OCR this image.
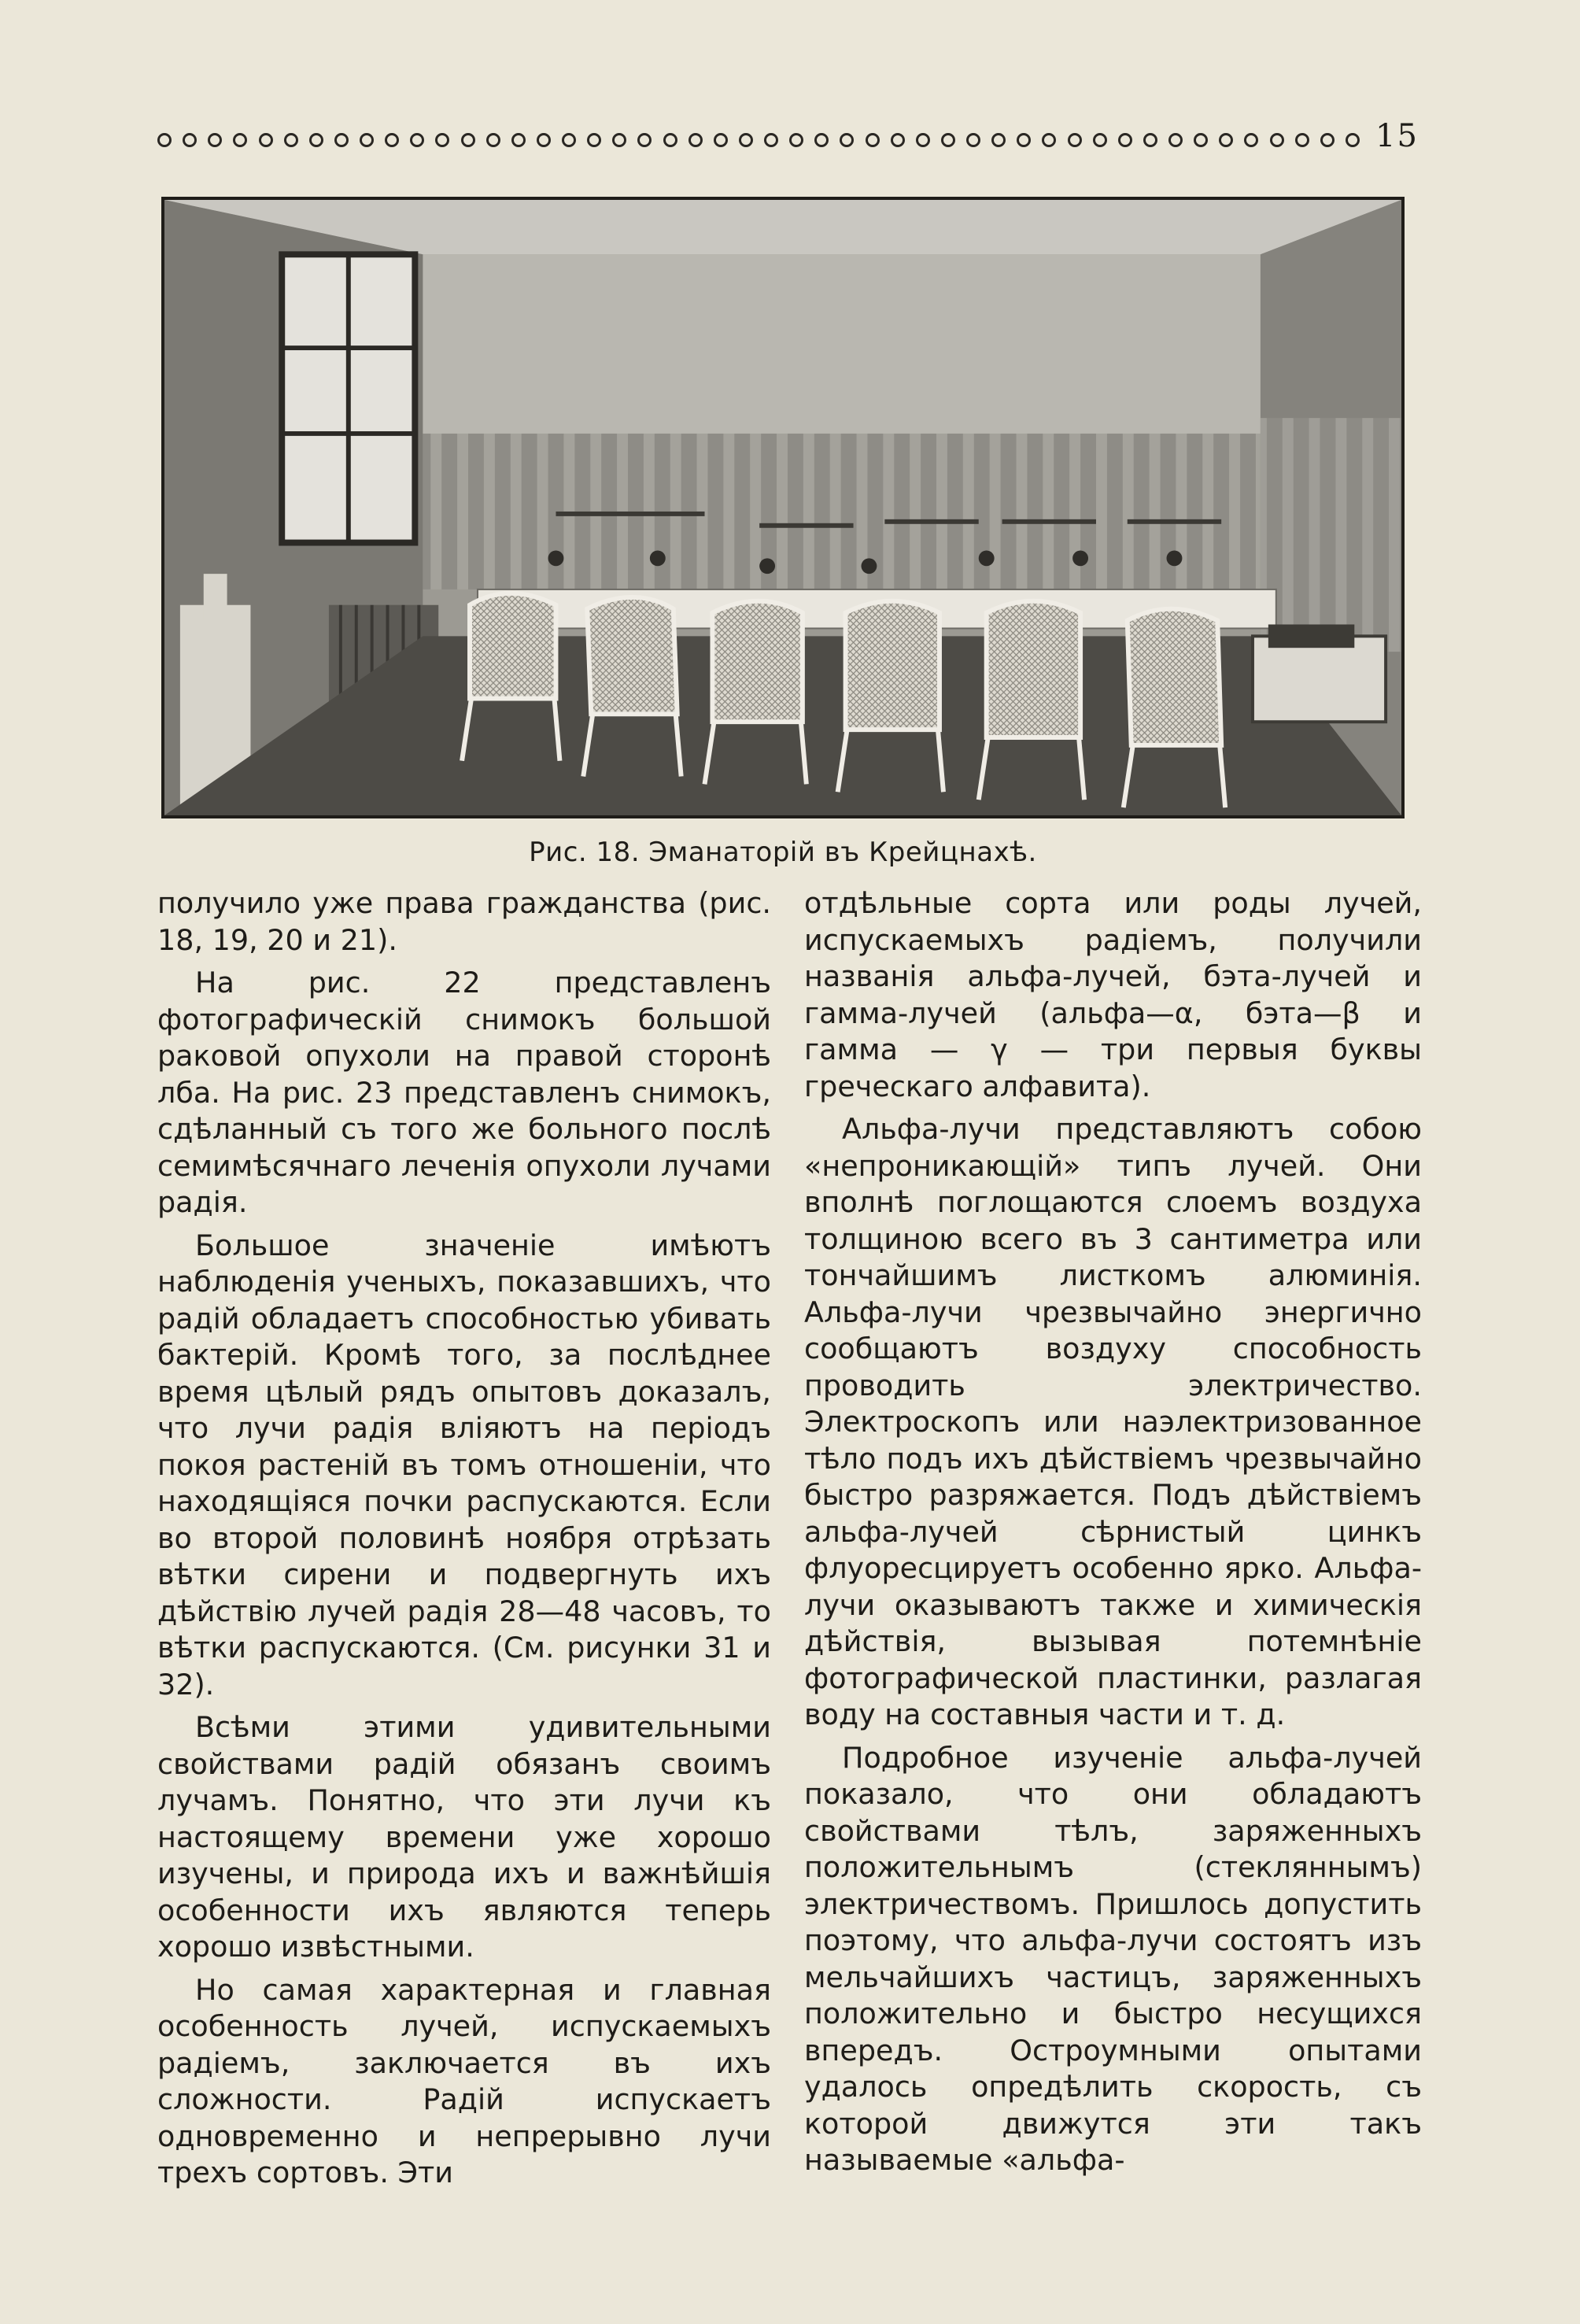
15
Рис. 18. Эманаторій въ Крейцнахѣ.

получило уже права гражданства (рис. 18, 19, 20 и 21).

На рис. 22 представленъ фотографическій снимокъ большой раковой опухоли на правой сторонѣ лба. На рис. 23 представленъ снимокъ, сдѣланный съ того же больного послѣ семимѣсячнаго леченія опухоли лучами радія.

Большое значеніе имѣютъ наблюденія ученыхъ, показавшихъ, что радій обладаетъ способностью убивать бактерій. Кромѣ того, за послѣднее время цѣлый рядъ опытовъ доказалъ, что лучи радія вліяютъ на періодъ покоя растеній въ томъ отношеніи, что находящіяся почки распускаются. Если во второй половинѣ ноября отрѣзать вѣтки сирени и подвергнуть ихъ дѣйствію лучей радія 28—48 часовъ, то вѣтки распускаются. (См. рисунки 31 и 32).

Всѣми этими удивительными свойствами радій обязанъ своимъ лучамъ. Понятно, что эти лучи къ настоящему времени уже хорошо изучены, и природа ихъ и важнѣйшія особенности ихъ являются теперь хорошо извѣстными.

Но самая характерная и главная особенность лучей, испускаемыхъ радіемъ, заключается въ ихъ сложности. Радій испускаетъ одновременно и непрерывно лучи трехъ сортовъ. Эти

отдѣльные сорта или роды лучей, испускаемыхъ радіемъ, получили названія альфа-лучей, бэта-лучей и гамма-лучей (альфа—α, бэта—β и гамма — γ — три первыя буквы греческаго алфавита).

Альфа-лучи представляютъ собою «непроникающій» типъ лучей. Они вполнѣ поглощаются слоемъ воздуха толщиною всего въ 3 сантиметра или тончайшимъ листкомъ алюминія. Альфа-лучи чрезвычайно энергично сообщаютъ воздуху способность проводить электричество. Электроскопъ или наэлектризованное тѣло подъ ихъ дѣйствіемъ чрезвычайно быстро разряжается. Подъ дѣйствіемъ альфа-лучей сѣрнистый цинкъ флуоресцируетъ особенно ярко. Альфа-лучи оказываютъ также и химическія дѣйствія, вызывая потемнѣніе фотографической пластинки, разлагая воду на составныя части и т. д.

Подробное изученіе альфа-лучей показало, что они обладаютъ свойствами тѣлъ, заряженныхъ положительнымъ (стекляннымъ) электричествомъ. Пришлось допустить поэтому, что альфа-лучи состоятъ изъ мельчайшихъ частицъ, заряженныхъ положительно и быстро несущихся впередъ. Остроумными опытами удалось опредѣлить скорость, съ которой движутся эти такъ называемые «альфа-
